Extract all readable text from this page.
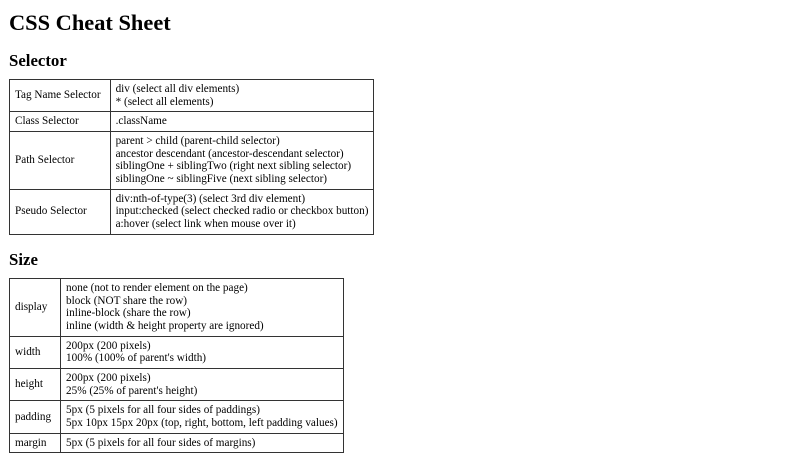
CSS Cheat Sheet
Selector
Tag Name Selector	div (select all div elements)
* (select all elements)

Class Selector	.className

Path Selector	parent > child (parent-child selector)
ancestor descendant (ancestor-descendant selector)
siblingOne + siblingTwo (right next sibling selector)
siblingOne ~ siblingFive (next sibling selector)

Pseudo Selector	div:nth-of-type(3) (select 3rd div element)
input:checked (select checked radio or checkbox button)
a:hover (select link when mouse over it)
Size
display	none (not to render element on the page)
block (NOT share the row)
inline-block (share the row)
inline (width & height property are ignored)

width	200px (200 pixels)
100% (100% of parent's width)

height	200px (200 pixels)
25% (25% of parent's height)

padding	5px (5 pixels for all four sides of paddings)
5px 10px 15px 20px (top, right, bottom, left padding values)

margin	5px (5 pixels for all four sides of margins)
